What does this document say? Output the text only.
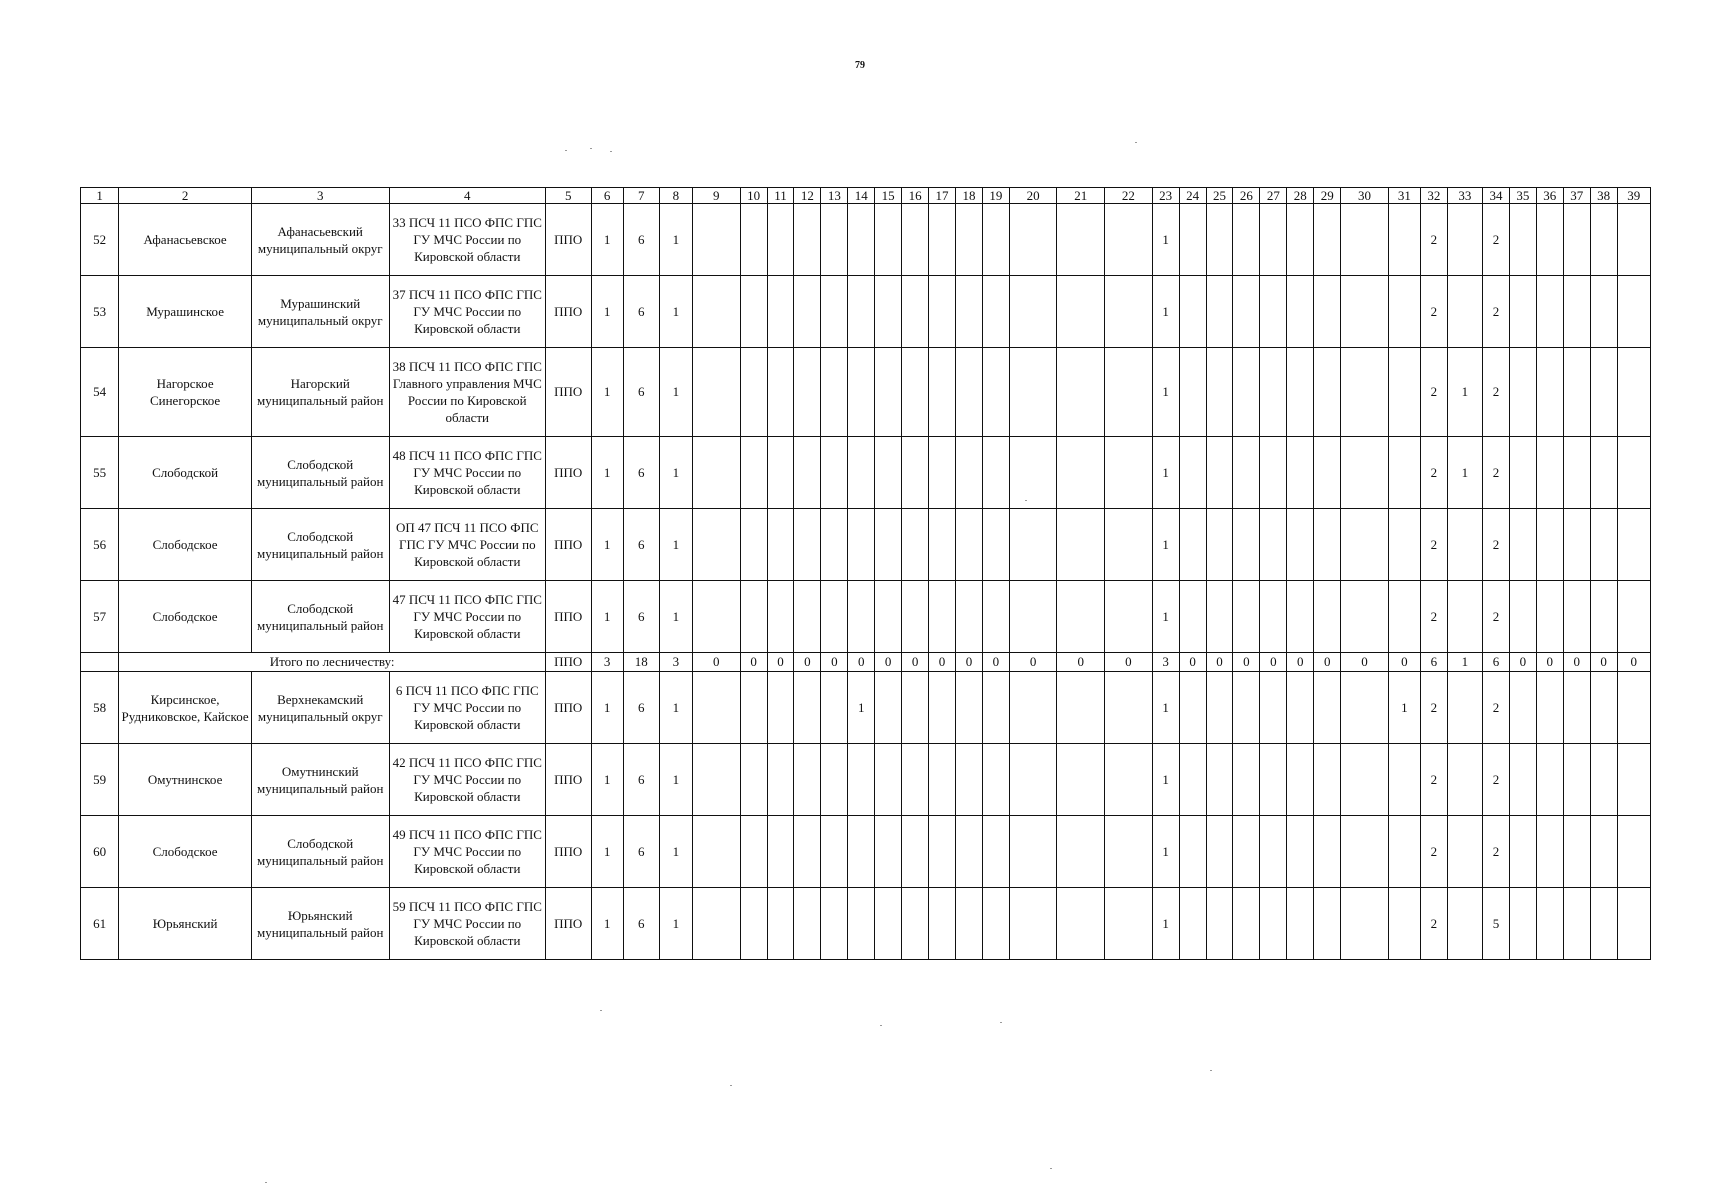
79
1	2	3	4	5	6	7	8	9	10	11	12	13	14	15	16	17	18	19	20	21	22	23	24	25	26	27	28	29	30	31	32	33	34	35	36	37	38	39
52	Афанасьевское	Афанасьевский муниципальный округ	33 ПСЧ 11 ПСО ФПС ГПС ГУ МЧС России по Кировской области	ППО	1	6	1															1									2		2					
53	Мурашинское	Мурашинский муниципальный округ	37 ПСЧ 11 ПСО ФПС ГПС ГУ МЧС России по Кировской области	ППО	1	6	1															1									2		2					
54	Нагорское Синегорское	Нагорский муниципальный район	38 ПСЧ 11 ПСО ФПС ГПС Главного управления МЧС России по Кировской области	ППО	1	6	1															1									2	1	2					
55	Слободской	Слободской муниципальный район	48 ПСЧ 11 ПСО ФПС ГПС ГУ МЧС России по Кировской области	ППО	1	6	1															1									2	1	2					
56	Слободское	Слободской муниципальный район	ОП 47 ПСЧ 11 ПСО ФПС ГПС ГУ МЧС России по Кировской области	ППО	1	6	1															1									2		2					
57	Слободское	Слободской муниципальный район	47 ПСЧ 11 ПСО ФПС ГПС ГУ МЧС России по Кировской области	ППО	1	6	1															1									2		2					
	Итого по лесничеству:			ППО	3	18	3	0	0	0	0	0	0	0	0	0	0	0	0	0	0	3	0	0	0	0	0	0	0	0	6	1	6	0	0	0	0	0
58	Кирсинское, Рудниковское, Кайское	Верхнекамский муниципальный округ	6 ПСЧ 11 ПСО ФПС ГПС ГУ МЧС России по Кировской области	ППО	1	6	1						1									1								1	2		2					
59	Омутнинское	Омутнинский муниципальный район	42 ПСЧ 11 ПСО ФПС ГПС ГУ МЧС России по Кировской области	ППО	1	6	1															1									2		2					
60	Слободское	Слободской муниципальный район	49 ПСЧ 11 ПСО ФПС ГПС ГУ МЧС России по Кировской области	ППО	1	6	1															1									2		2					
61	Юрьянский	Юрьянский муниципальный район	59 ПСЧ 11 ПСО ФПС ГПС ГУ МЧС России по Кировской области	ППО	1	6	1															1									2		5					
